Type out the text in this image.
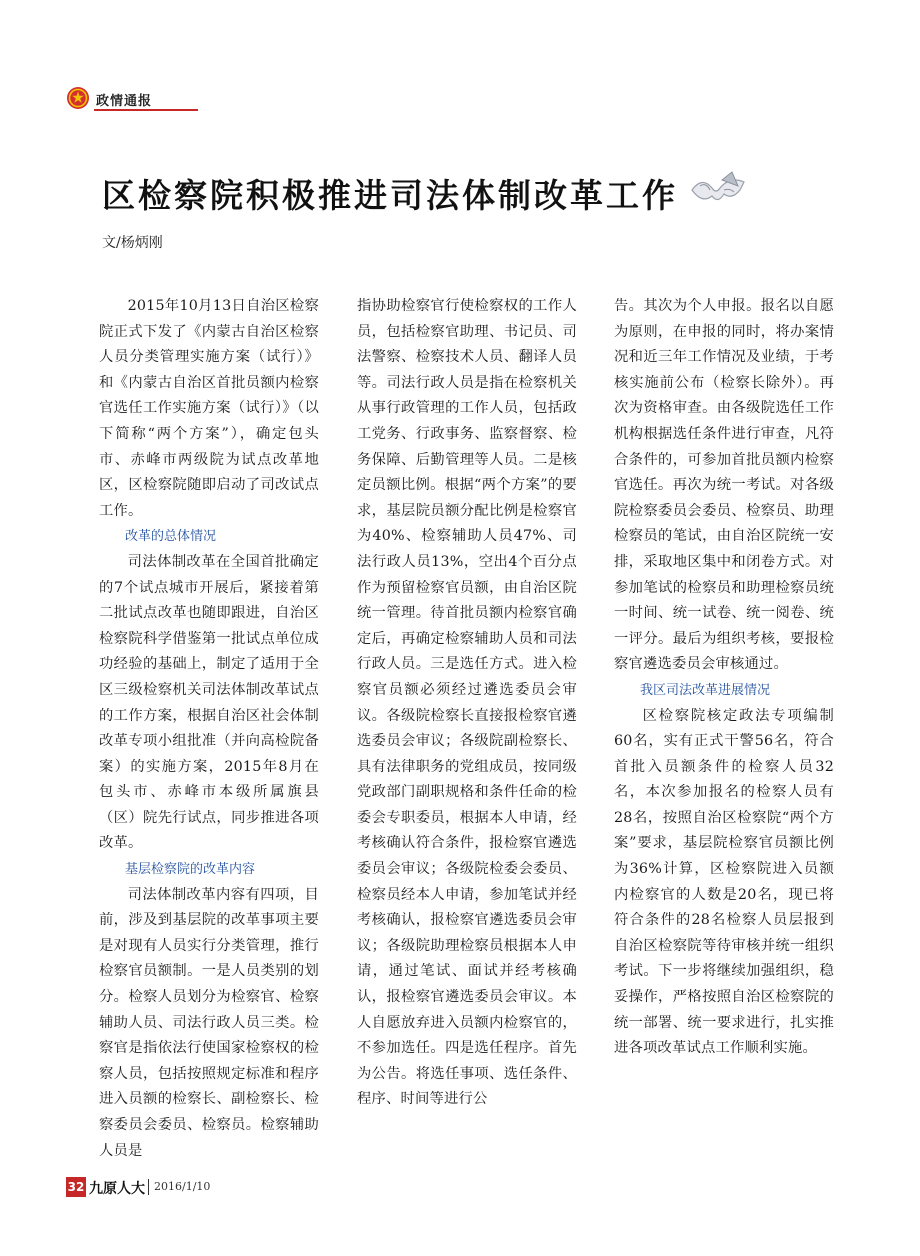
政情通报
区检察院积极推进司法体制改革工作
文/杨炳刚

2015年10月13日自治区检察院正式下发了《内蒙古自治区检察人员分类管理实施方案（试行）》和《内蒙古自治区首批员额内检察官选任工作实施方案（试行）》（以下简称“两个方案”），确定包头市、赤峰市两级院为试点改革地区，区检察院随即启动了司改试点工作。

改革的总体情况

司法体制改革在全国首批确定的7个试点城市开展后，紧接着第二批试点改革也随即跟进，自治区检察院科学借鉴第一批试点单位成功经验的基础上，制定了适用于全区三级检察机关司法体制改革试点的工作方案，根据自治区社会体制改革专项小组批准（并向高检院备案）的实施方案，2015年8月在包头市、赤峰市本级所属旗县（区）院先行试点，同步推进各项改革。

基层检察院的改革内容

司法体制改革内容有四项，目前，涉及到基层院的改革事项主要是对现有人员实行分类管理，推行检察官员额制。一是人员类别的划分。检察人员划分为检察官、检察辅助人员、司法行政人员三类。检察官是指依法行使国家检察权的检察人员，包括按照规定标准和程序进入员额的检察长、副检察长、检察委员会委员、检察员。检察辅助人员是

指协助检察官行使检察权的工作人员，包括检察官助理、书记员、司法警察、检察技术人员、翻译人员等。司法行政人员是指在检察机关从事行政管理的工作人员，包括政工党务、行政事务、监察督察、检务保障、后勤管理等人员。二是核定员额比例。根据“两个方案”的要求，基层院员额分配比例是检察官为40%、检察辅助人员47%、司法行政人员13%，空出4个百分点作为预留检察官员额，由自治区院统一管理。待首批员额内检察官确定后，再确定检察辅助人员和司法行政人员。三是选任方式。进入检察官员额必须经过遴选委员会审议。各级院检察长直接报检察官遴选委员会审议；各级院副检察长、具有法律职务的党组成员，按同级党政部门副职规格和条件任命的检委会专职委员，根据本人申请，经考核确认符合条件，报检察官遴选委员会审议；各级院检委会委员、检察员经本人申请，参加笔试并经考核确认，报检察官遴选委员会审议；各级院助理检察员根据本人申请，通过笔试、面试并经考核确认，报检察官遴选委员会审议。本人自愿放弃进入员额内检察官的，不参加选任。四是选任程序。首先为公告。将选任事项、选任条件、程序、时间等进行公

告。其次为个人申报。报名以自愿为原则，在申报的同时，将办案情况和近三年工作情况及业绩，于考核实施前公布（检察长除外）。再次为资格审查。由各级院选任工作机构根据选任条件进行审查，凡符合条件的，可参加首批员额内检察官选任。再次为统一考试。对各级院检察委员会委员、检察员、助理检察员的笔试，由自治区院统一安排，采取地区集中和闭卷方式。对参加笔试的检察员和助理检察员统一时间、统一试卷、统一阅卷、统一评分。最后为组织考核，要报检察官遴选委员会审核通过。

我区司法改革进展情况

区检察院核定政法专项编制60名，实有正式干警56名，符合首批入员额条件的检察人员32名，本次参加报名的检察人员有28名，按照自治区检察院“两个方案”要求，基层院检察官员额比例为36%计算，区检察院进入员额内检察官的人数是20名，现已将符合条件的28名检察人员层报到自治区检察院等待审核并统一组织考试。下一步将继续加强组织，稳妥操作，严格按照自治区检察院的统一部署、统一要求进行，扎实推进各项改革试点工作顺利实施。

32 九原人大 2016/1/10
